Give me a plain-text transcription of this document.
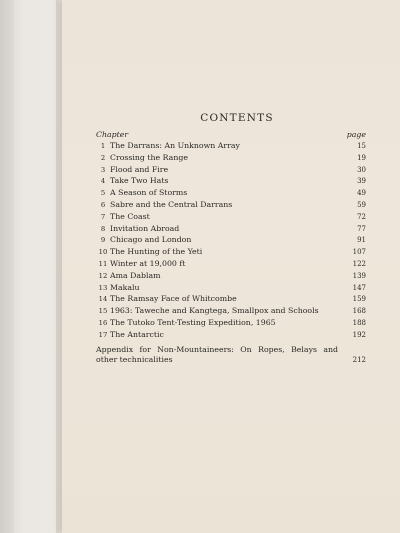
CONTENTS
Chapter	page
1 The Darrans: An Unknown Array	15
2 Crossing the Range	19
3 Flood and Fire	30
4 Take Two Hats	39
5 A Season of Storms	49
6 Sabre and the Central Darrans	59
7 The Coast	72
8 Invitation Abroad	77
9 Chicago and London	91
10 The Hunting of the Yeti	107
11 Winter at 19,000 ft	122
12 Ama Dablam	139
13 Makalu	147
14 The Ramsay Face of Whitcombe	159
15 1963: Taweche and Kangtega, Smallpox and Schools	168
16 The Tutoko Tent-Testing Expedition, 1965	188
17 The Antarctic	192
Appendix for Non-Mountaineers: On Ropes, Belays and other technicalities	212
